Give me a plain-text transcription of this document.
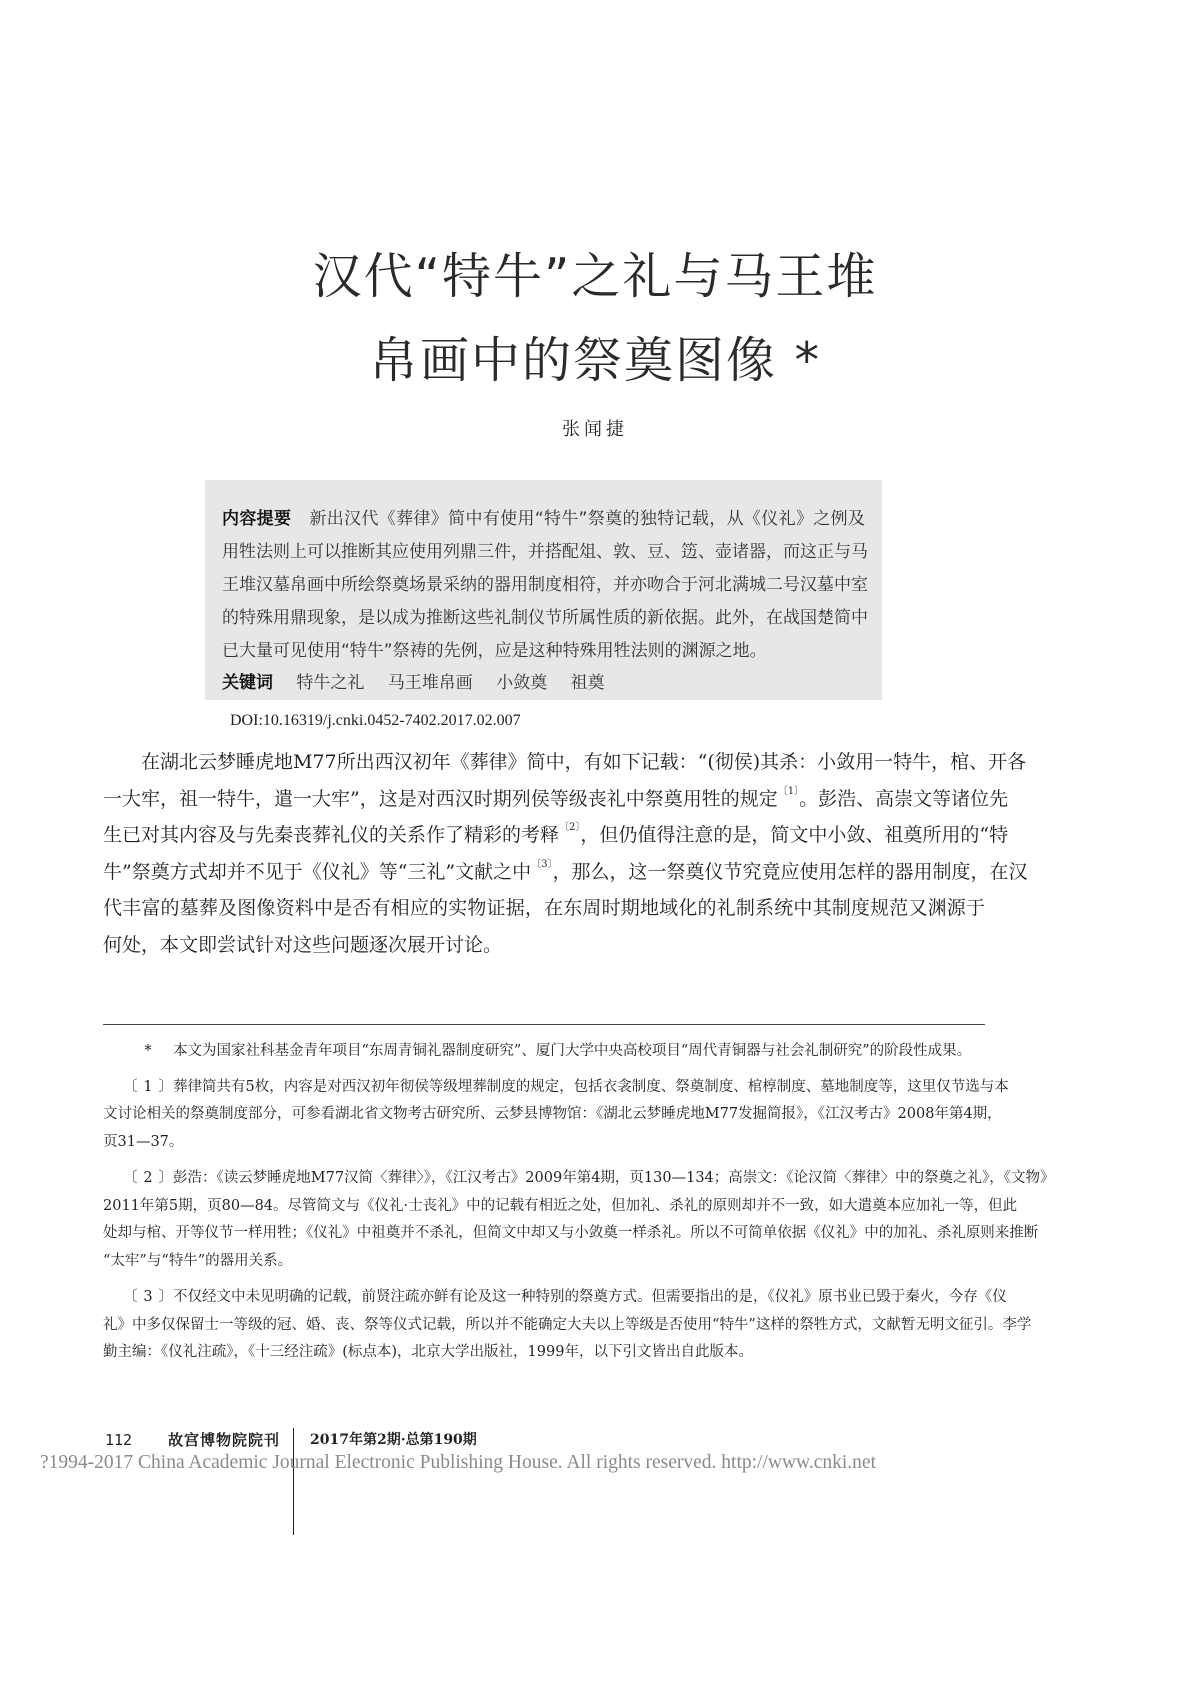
汉代“特牛”之礼与马王堆
帛画中的祭奠图像 *
张闻捷
内容提要 新出汉代《葬律》简中有使用“特牛”祭奠的独特记载，从《仪礼》之例及
用牲法则上可以推断其应使用列鼎三件，并搭配俎、敦、豆、笾、壶诸器，而这正与马
王堆汉墓帛画中所绘祭奠场景采纳的器用制度相符，并亦吻合于河北满城二号汉墓中室
的特殊用鼎现象，是以成为推断这些礼制仪节所属性质的新依据。此外，在战国楚简中
已大量可见使用“特牛”祭祷的先例，应是这种特殊用牲法则的渊源之地。
关键词 特牛之礼 马王堆帛画 小敛奠 祖奠
DOI:10.16319/j.cnki.0452-7402.2017.02.007
在湖北云梦睡虎地M77所出西汉初年《葬律》简中，有如下记载：“(彻侯)其杀：小敛用一特牛，棺、开各
一大牢，祖一特牛，遣一大牢”，这是对西汉时期列侯等级丧礼中祭奠用牲的规定$^{〔1〕}$。彭浩、高崇文等诸位先
生已对其内容及与先秦丧葬礼仪的关系作了精彩的考释$^{〔2〕}$，但仍值得注意的是，简文中小敛、祖奠所用的“特
牛”祭奠方式却并不见于《仪礼》等“三礼”文献之中$^{〔3〕}$，那么，这一祭奠仪节究竟应使用怎样的器用制度，在汉
代丰富的墓葬及图像资料中是否有相应的实物证据，在东周时期地域化的礼制系统中其制度规范又渊源于
何处，本文即尝试针对这些问题逐次展开讨论。
* 本文为国家社科基金青年项目“东周青铜礼器制度研究”、厦门大学中央高校项目“周代青铜器与社会礼制研究”的阶段性成果。
〔1〕葬律简共有5枚，内容是对西汉初年彻侯等级埋葬制度的规定，包括衣衾制度、祭奠制度、棺椁制度、墓地制度等，这里仅节选与本
文讨论相关的祭奠制度部分，可参看湖北省文物考古研究所、云梦县博物馆：《湖北云梦睡虎地M77发掘简报》，《江汉考古》2008年第4期，
页31—37。
〔2〕彭浩：《读云梦睡虎地M77汉简〈葬律〉》，《江汉考古》2009年第4期，页130—134；高崇文：《论汉简〈葬律〉中的祭奠之礼》，《文物》
2011年第5期，页80—84。尽管简文与《仪礼·士丧礼》中的记载有相近之处，但加礼、杀礼的原则却并不一致，如大遣奠本应加礼一等，但此
处却与棺、开等仪节一样用牲；《仪礼》中祖奠并不杀礼，但简文中却又与小敛奠一样杀礼。所以不可简单依据《仪礼》中的加礼、杀礼原则来推断
“太牢”与“特牛”的器用关系。
〔3〕不仅经文中未见明确的记载，前贤注疏亦鲜有论及这一种特别的祭奠方式。但需要指出的是，《仪礼》原书业已毁于秦火，今存《仪
礼》中多仅保留士一等级的冠、婚、丧、祭等仪式记载，所以并不能确定大夫以上等级是否使用“特牛”这样的祭牲方式，文献暂无明文征引。李学
勤主编：《仪礼注疏》，《十三经注疏》(标点本)，北京大学出版社，1999年，以下引文皆出自此版本。
112 故宫博物院院刊 2017年第2期·总第190期
?1994-2017 China Academic Journal Electronic Publishing House. All rights reserved. http://www.cnki.net
